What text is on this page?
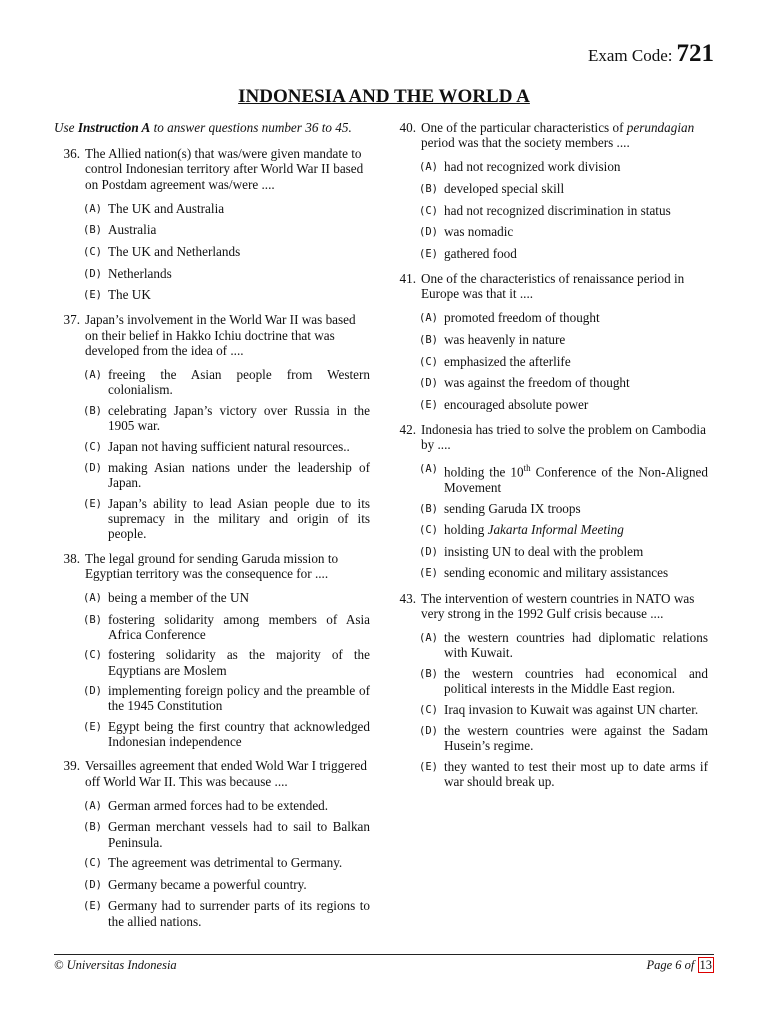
Exam Code: 721
INDONESIA AND THE WORLD A
Use Instruction A to answer questions number 36 to 45.
36. The Allied nation(s) that was/were given mandate to control Indonesian territory after World War II based on Postdam agreement was/were ....
(A) The UK and Australia
(B) Australia
(C) The UK and Netherlands
(D) Netherlands
(E) The UK
37. Japan’s involvement in the World War II was based on their belief in Hakko Ichiu doctrine that was developed from the idea of ....
(A) freeing the Asian people from Western colonialism.
(B) celebrating Japan’s victory over Russia in the 1905 war.
(C) Japan not having sufficient natural resources..
(D) making Asian nations under the leadership of Japan.
(E) Japan’s ability to lead Asian people due to its supremacy in the military and origin of its people.
38. The legal ground for sending Garuda mission to Egyptian territory was the consequence for ....
(A) being a member of the UN
(B) fostering solidarity among members of Asia Africa Conference
(C) fostering solidarity as the majority of the Eqyptians are Moslem
(D) implementing foreign policy and the preamble of the 1945 Constitution
(E) Egypt being the first country that acknowledged Indonesian independence
39. Versailles agreement that ended Wold War I triggered off World War II. This was because ....
(A) German armed forces had to be extended.
(B) German merchant vessels had to sail to Balkan Peninsula.
(C) The agreement was detrimental to Germany.
(D) Germany became a powerful country.
(E) Germany had to surrender parts of its regions to the allied nations.
40. One of the particular characteristics of perundagian period was that the society members ....
(A) had not recognized work division
(B) developed special skill
(C) had not recognized discrimination in status
(D) was nomadic
(E) gathered food
41. One of the characteristics of renaissance period in Europe was that it ....
(A) promoted freedom of thought
(B) was heavenly in nature
(C) emphasized the afterlife
(D) was against the freedom of thought
(E) encouraged absolute power
42. Indonesia has tried to solve the problem on Cambodia by ....
(A) holding the 10th Conference of the Non-Aligned Movement
(B) sending Garuda IX troops
(C) holding Jakarta Informal Meeting
(D) insisting UN to deal with the problem
(E) sending economic and military assistances
43. The intervention of western countries in NATO was very strong in the 1992 Gulf crisis because ....
(A) the western countries had diplomatic relations with Kuwait.
(B) the western countries had economical and political interests in the Middle East region.
(C) Iraq invasion to Kuwait was against UN charter.
(D) the western countries were against the Sadam Husein’s regime.
(E) they wanted to test their most up to date arms if war should break up.
© Universitas Indonesia	Page 6 of 13
